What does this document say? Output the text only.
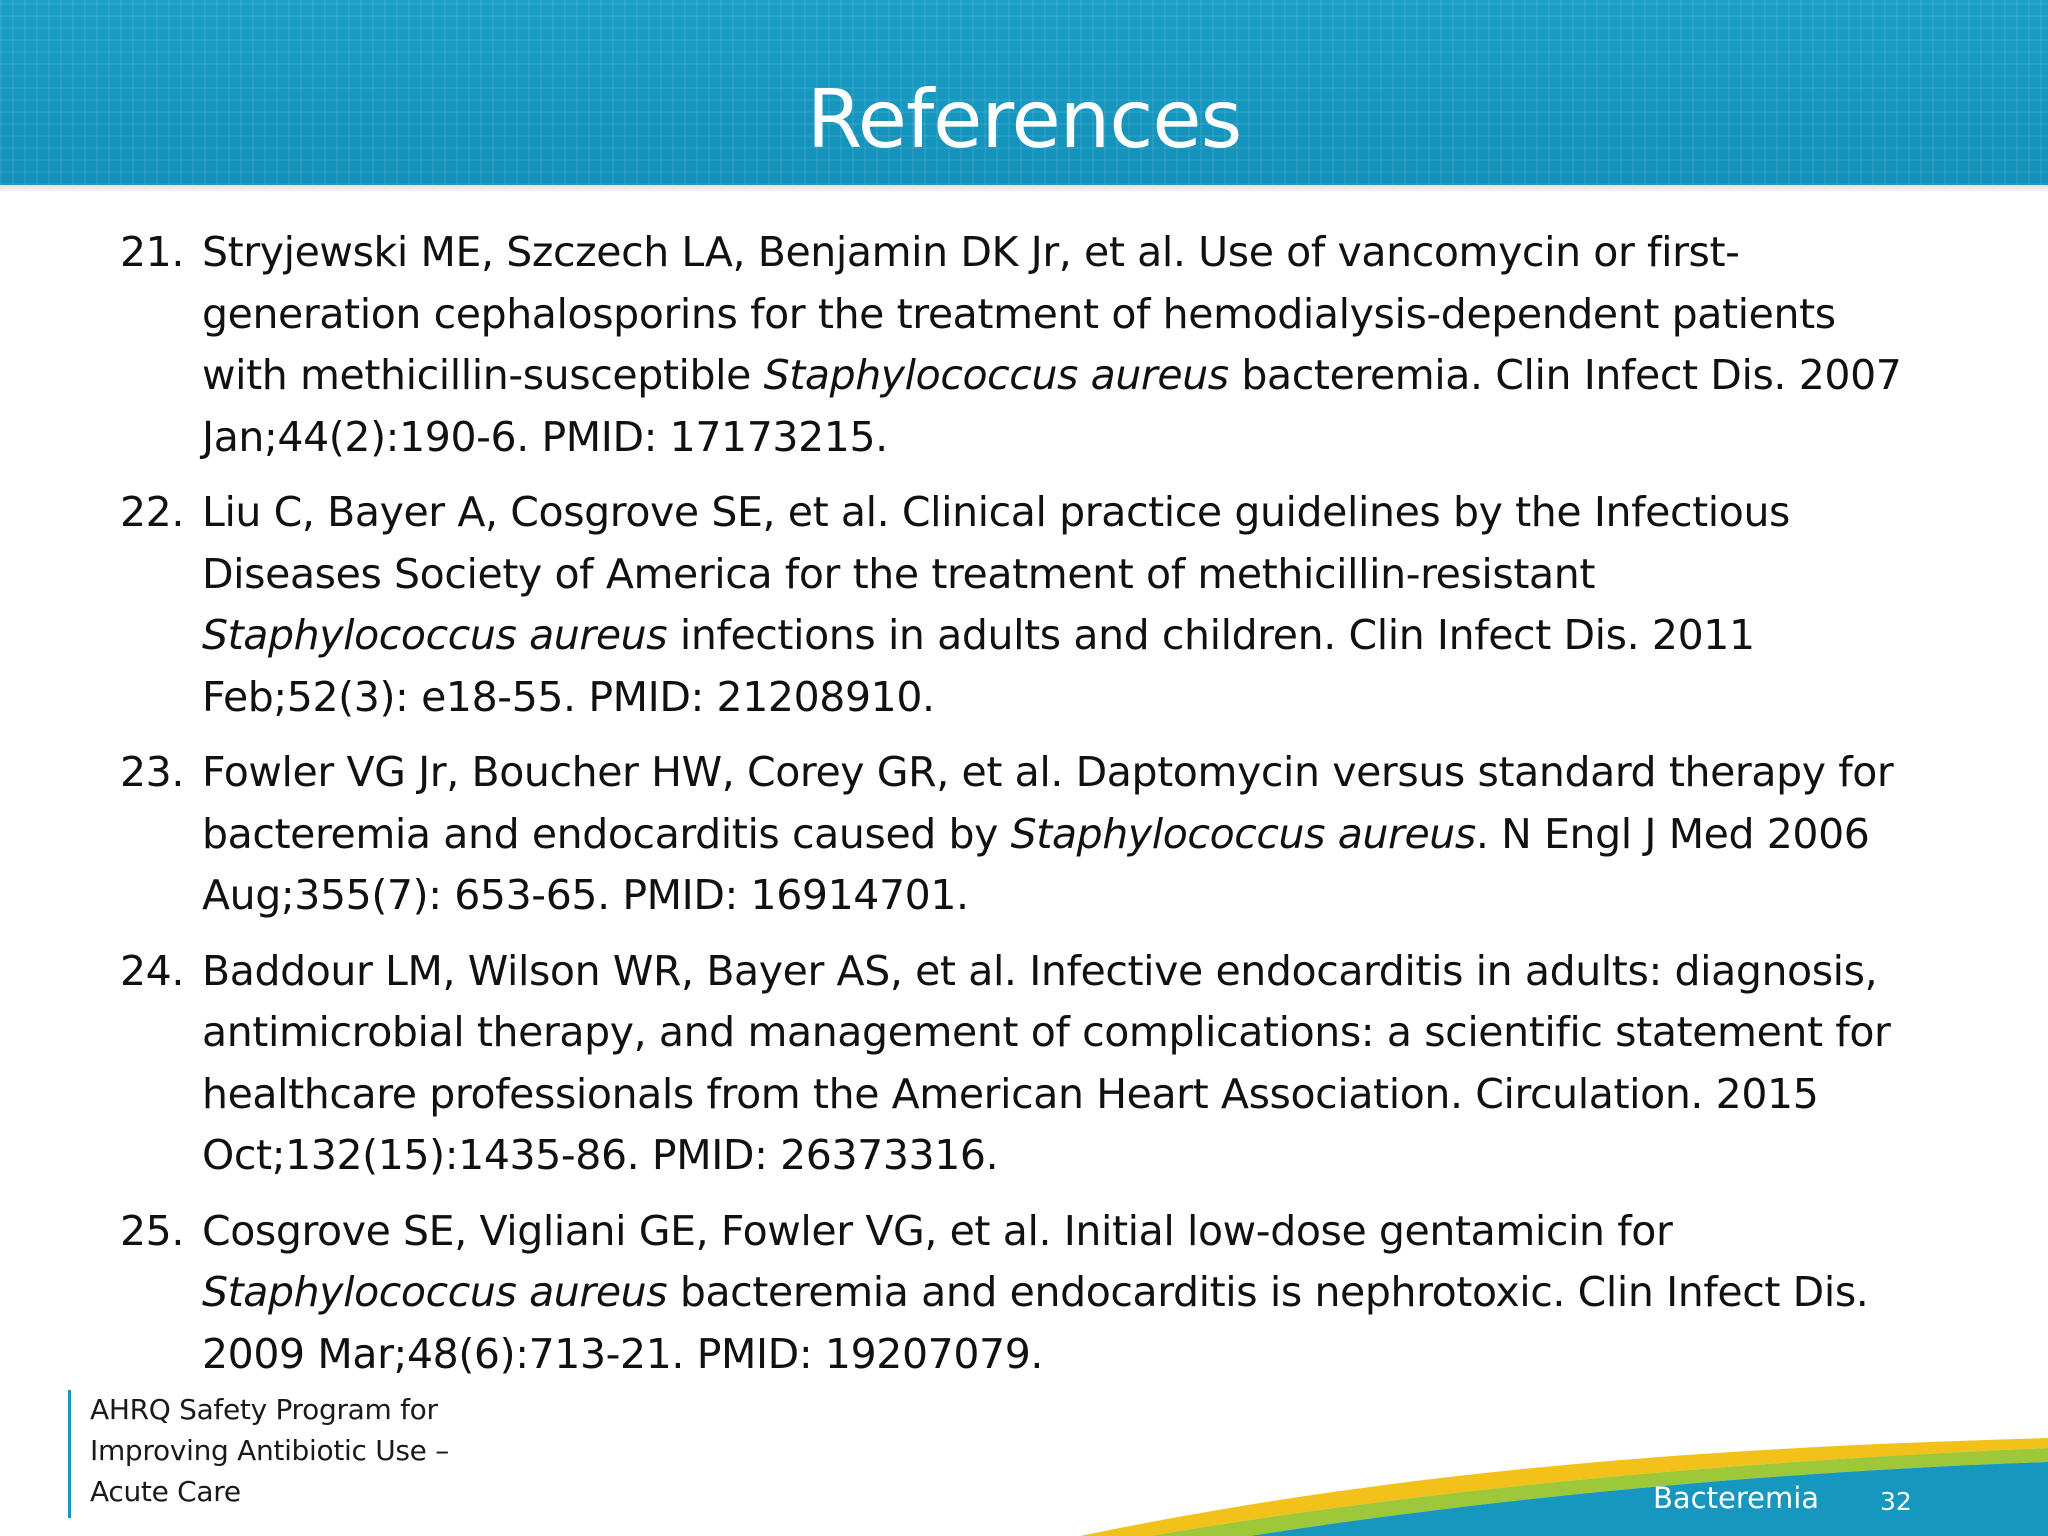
References
21. Stryjewski ME, Szczech LA, Benjamin DK Jr, et al. Use of vancomycin or first-generation cephalosporins for the treatment of hemodialysis-dependent patients with methicillin-susceptible Staphylococcus aureus bacteremia. Clin Infect Dis. 2007 Jan;44(2):190-6. PMID: 17173215.
22. Liu C, Bayer A, Cosgrove SE, et al. Clinical practice guidelines by the Infectious Diseases Society of America for the treatment of methicillin-resistant Staphylococcus aureus infections in adults and children. Clin Infect Dis. 2011 Feb;52(3): e18-55. PMID: 21208910.
23. Fowler VG Jr, Boucher HW, Corey GR, et al. Daptomycin versus standard therapy for bacteremia and endocarditis caused by Staphylococcus aureus. N Engl J Med 2006 Aug;355(7): 653-65. PMID: 16914701.
24. Baddour LM, Wilson WR, Bayer AS, et al. Infective endocarditis in adults: diagnosis, antimicrobial therapy, and management of complications: a scientific statement for healthcare professionals from the American Heart Association. Circulation. 2015 Oct;132(15):1435-86. PMID: 26373316.
25. Cosgrove SE, Vigliani GE, Fowler VG, et al. Initial low-dose gentamicin for Staphylococcus aureus bacteremia and endocarditis is nephrotoxic. Clin Infect Dis. 2009 Mar;48(6):713-21. PMID: 19207079.
AHRQ Safety Program for
Improving Antibiotic Use –
Acute Care	Bacteremia 32
